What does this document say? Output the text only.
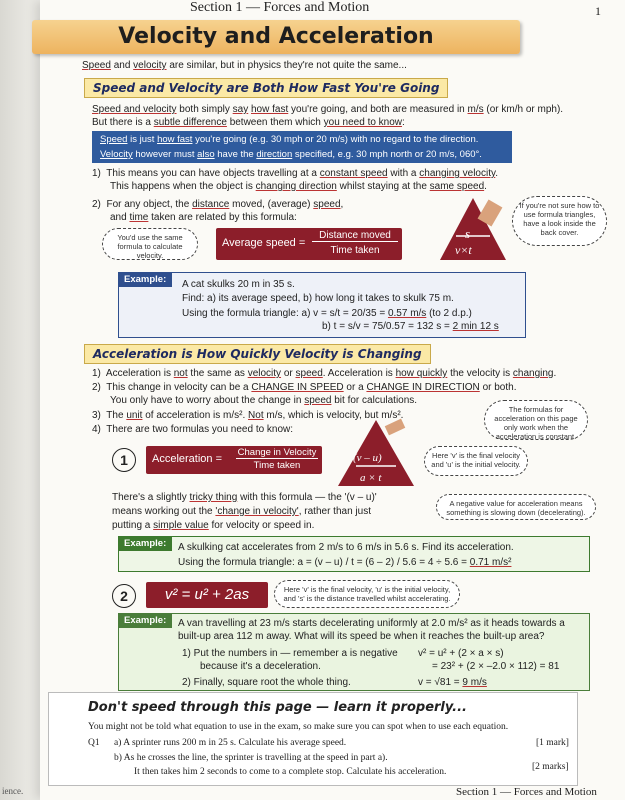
ience.
Section 1 — Forces and Motion	1
Velocity and Acceleration
Speed and velocity are similar, but in physics they're not quite the same...
Speed and Velocity are Both How Fast You're Going
Speed and velocity both simply say how fast you're going, and both are measured in m/s (or km/h or mph).
But there is a subtle difference between them which you need to know:
Speed is just how fast you're going (e.g. 30 mph or 20 m/s) with no regard to the direction.
Velocity however must also have the direction specified, e.g. 30 mph north or 20 m/s, 060°.
1) This means you can have objects travelling at a constant speed with a changing velocity.
This happens when the object is changing direction whilst staying at the same speed.
2) For any object, the distance moved, (average) speed,
and time taken are related by this formula:
You'd use the same formula to calculate velocity.
Average speed =
Distance moved
Time taken
s
v×t
If you're not sure how to use formula triangles, have a look inside the back cover.
Example:	A cat skulks 20 m in 35 s.
Find: a) its average speed, b) how long it takes to skulk 75 m.
Using the formula triangle: a) v = s/t = 20/35 = 0.57 m/s (to 2 d.p.)
b) t = s/v = 75/0.57 = 132 s = 2 min 12 s
Acceleration is How Quickly Velocity is Changing
1) Acceleration is not the same as velocity or speed. Acceleration is how quickly the velocity is changing.
2) This change in velocity can be a CHANGE IN SPEED or a CHANGE IN DIRECTION or both.
You only have to worry about the change in speed bit for calculations.
3) The unit of acceleration is m/s². Not m/s, which is velocity, but m/s².
4) There are two formulas you need to know:
The formulas for acceleration on this page only work when the acceleration is constant.
1	Acceleration =
Change in Velocity
Time taken
(v – u)
a × t
Here 'v' is the final velocity and 'u' is the initial velocity.
A negative value for acceleration means something is slowing down (decelerating).
There's a slightly tricky thing with this formula — the '(v – u)'
means working out the 'change in velocity', rather than just
putting a simple value for velocity or speed in.
Example:	A skulking cat accelerates from 2 m/s to 6 m/s in 5.6 s. Find its acceleration.
Using the formula triangle: a = (v – u) / t = (6 – 2) / 5.6 = 4 ÷ 5.6 = 0.71 m/s²
2	v² = u² + 2as	Here 'v' is the final velocity, 'u' is the initial velocity, and 's' is the distance travelled whilst accelerating.
Example:	A van travelling at 23 m/s starts decelerating uniformly at 2.0 m/s² as it heads towards a
built-up area 112 m away. What will its speed be when it reaches the built-up area?
1) Put the numbers in — remember a is negative
because it's a deceleration.
v² = u² + (2 × a × s)
= 23² + (2 × –2.0 × 112) = 81
2) Finally, square root the whole thing.	v = √81 = 9 m/s
Don't speed through this page — learn it properly...
You might not be told what equation to use in the exam, so make sure you can spot when to use each equation.
Q1 a) A sprinter runs 200 m in 25 s. Calculate his average speed.	[1 mark]
b) As he crosses the line, the sprinter is travelling at the speed in part a).
It then takes him 2 seconds to come to a complete stop. Calculate his acceleration.	[2 marks]
Section 1 — Forces and Motion
